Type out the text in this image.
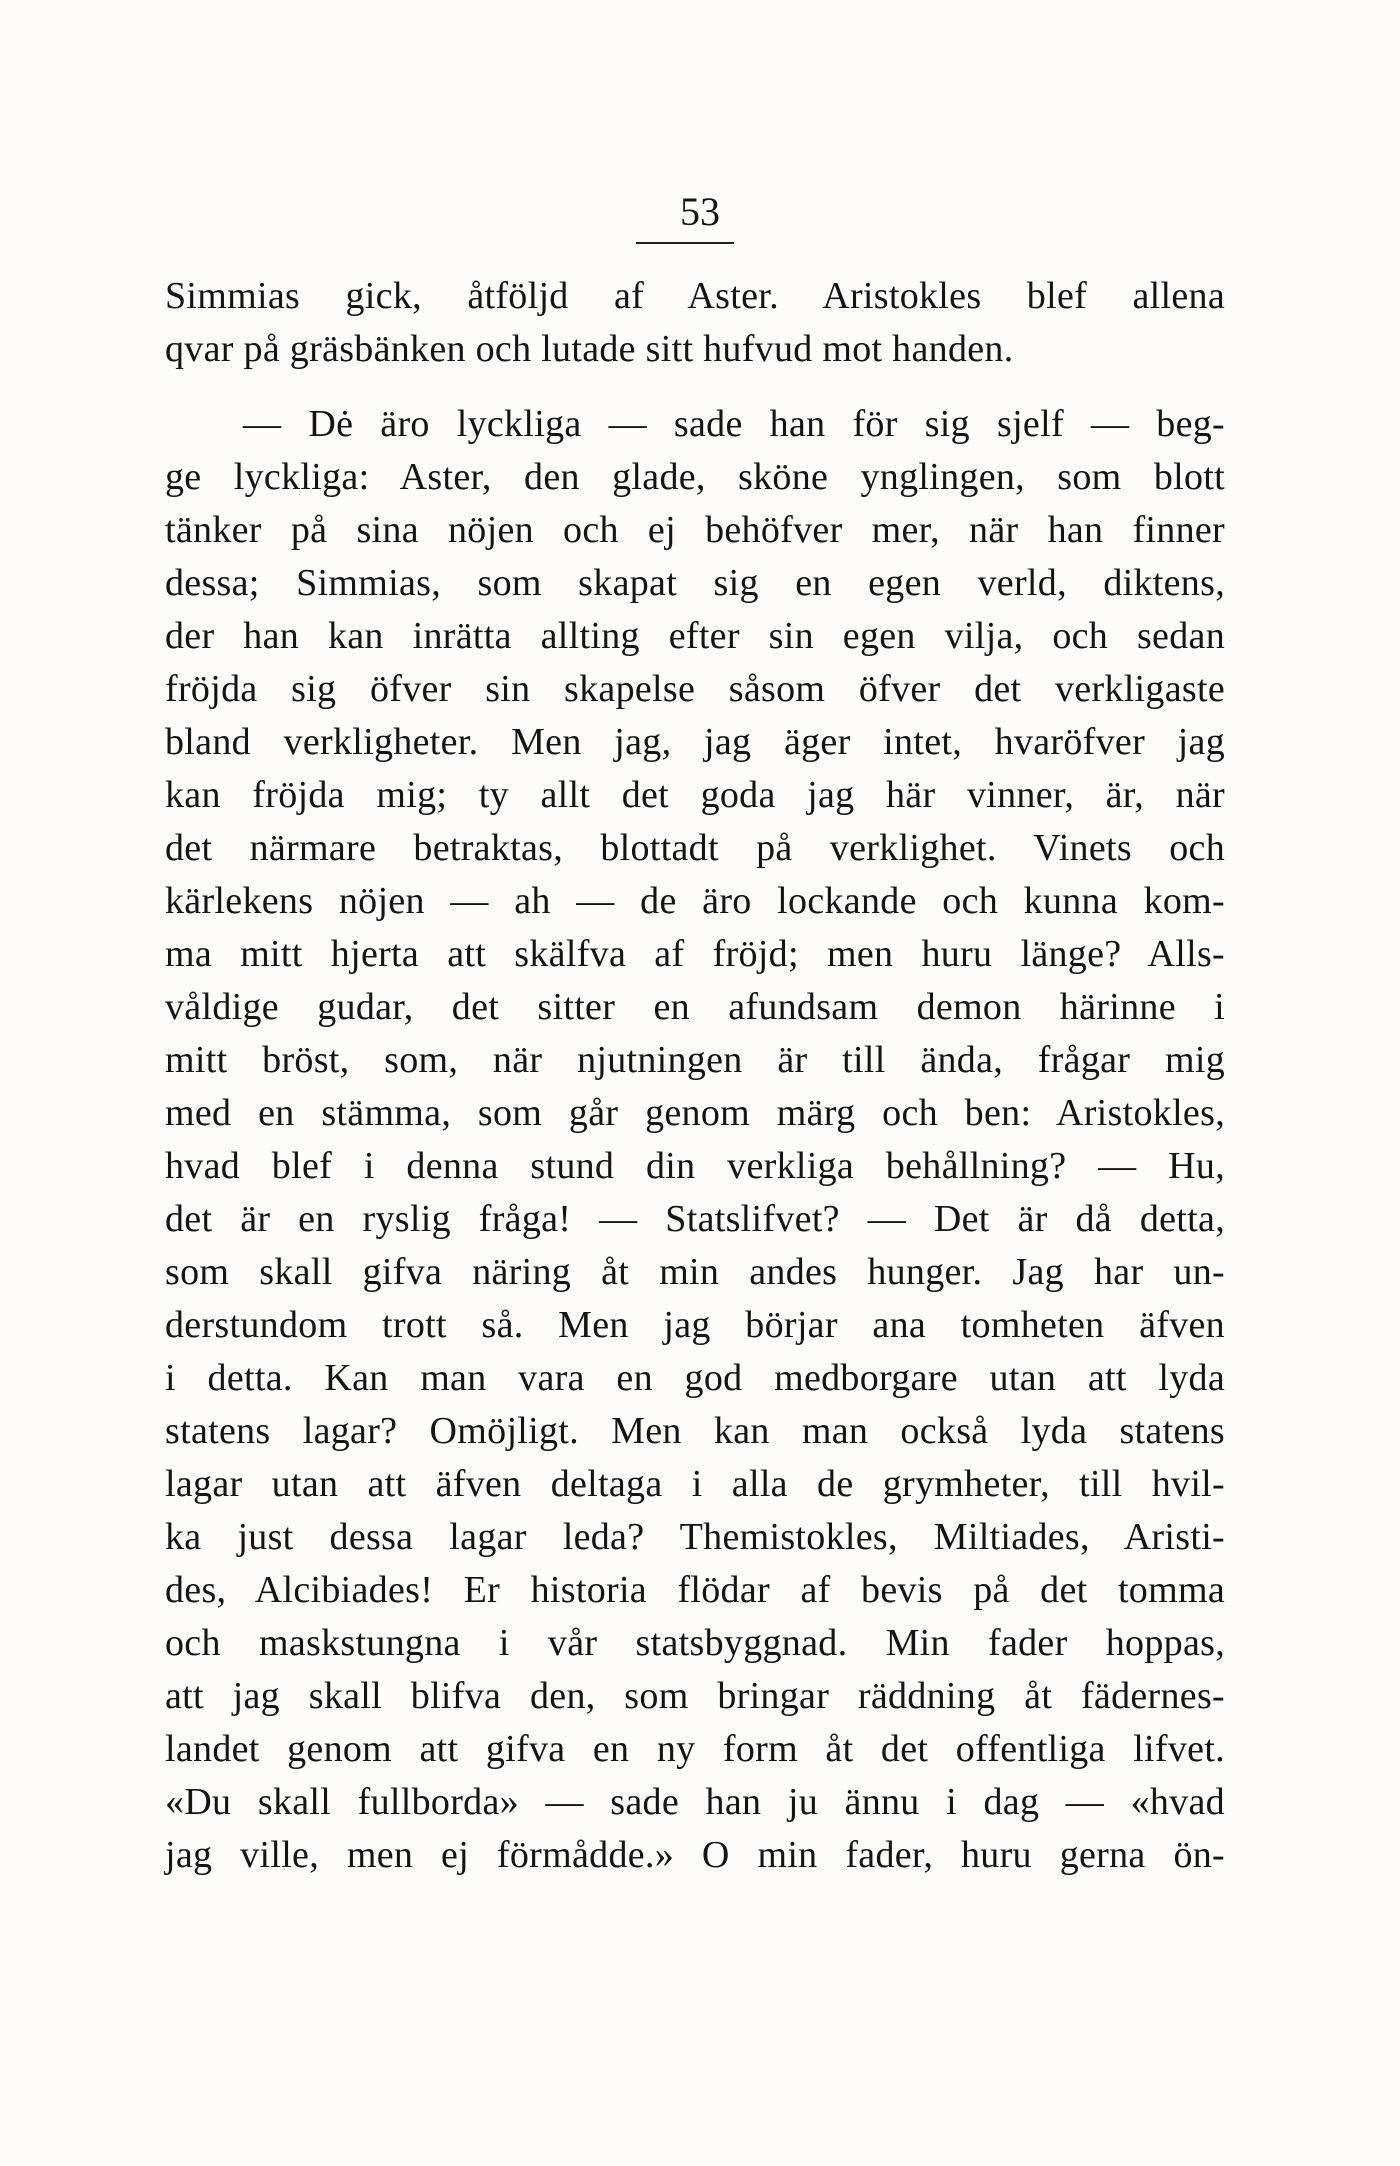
53
Simmias gick, åtföljd af Aster. Aristokles blef allena
qvar på gräsbänken och lutade sitt hufvud mot handen.
— Dė äro lyckliga — sade han för sig sjelf — beg-
ge lyckliga: Aster, den glade, sköne ynglingen, som blott
tänker på sina nöjen och ej behöfver mer, när han finner
dessa; Simmias, som skapat sig en egen verld, diktens,
der han kan inrätta allting efter sin egen vilja, och sedan
fröjda sig öfver sin skapelse såsom öfver det verkligaste
bland verkligheter. Men jag, jag äger intet, hvaröfver jag
kan fröjda mig; ty allt det goda jag här vinner, är, när
det närmare betraktas, blottadt på verklighet. Vinets och
kärlekens nöjen — ah — de äro lockande och kunna kom-
ma mitt hjerta att skälfva af fröjd; men huru länge? Alls-
våldige gudar, det sitter en afundsam demon härinne i
mitt bröst, som, när njutningen är till ända, frågar mig
med en stämma, som går genom märg och ben: Aristokles,
hvad blef i denna stund din verkliga behållning? — Hu,
det är en ryslig fråga! — Statslifvet? — Det är då detta,
som skall gifva näring åt min andes hunger. Jag har un-
derstundom trott så. Men jag börjar ana tomheten äfven
i detta. Kan man vara en god medborgare utan att lyda
statens lagar? Omöjligt. Men kan man också lyda statens
lagar utan att äfven deltaga i alla de grymheter, till hvil-
ka just dessa lagar leda? Themistokles, Miltiades, Aristi-
des, Alcibiades! Er historia flödar af bevis på det tomma
och maskstungna i vår statsbyggnad. Min fader hoppas,
att jag skall blifva den, som bringar räddning åt fädernes-
landet genom att gifva en ny form åt det offentliga lifvet.
«Du skall fullborda» — sade han ju ännu i dag — «hvad
jag ville, men ej förmådde.» O min fader, huru gerna ön-
